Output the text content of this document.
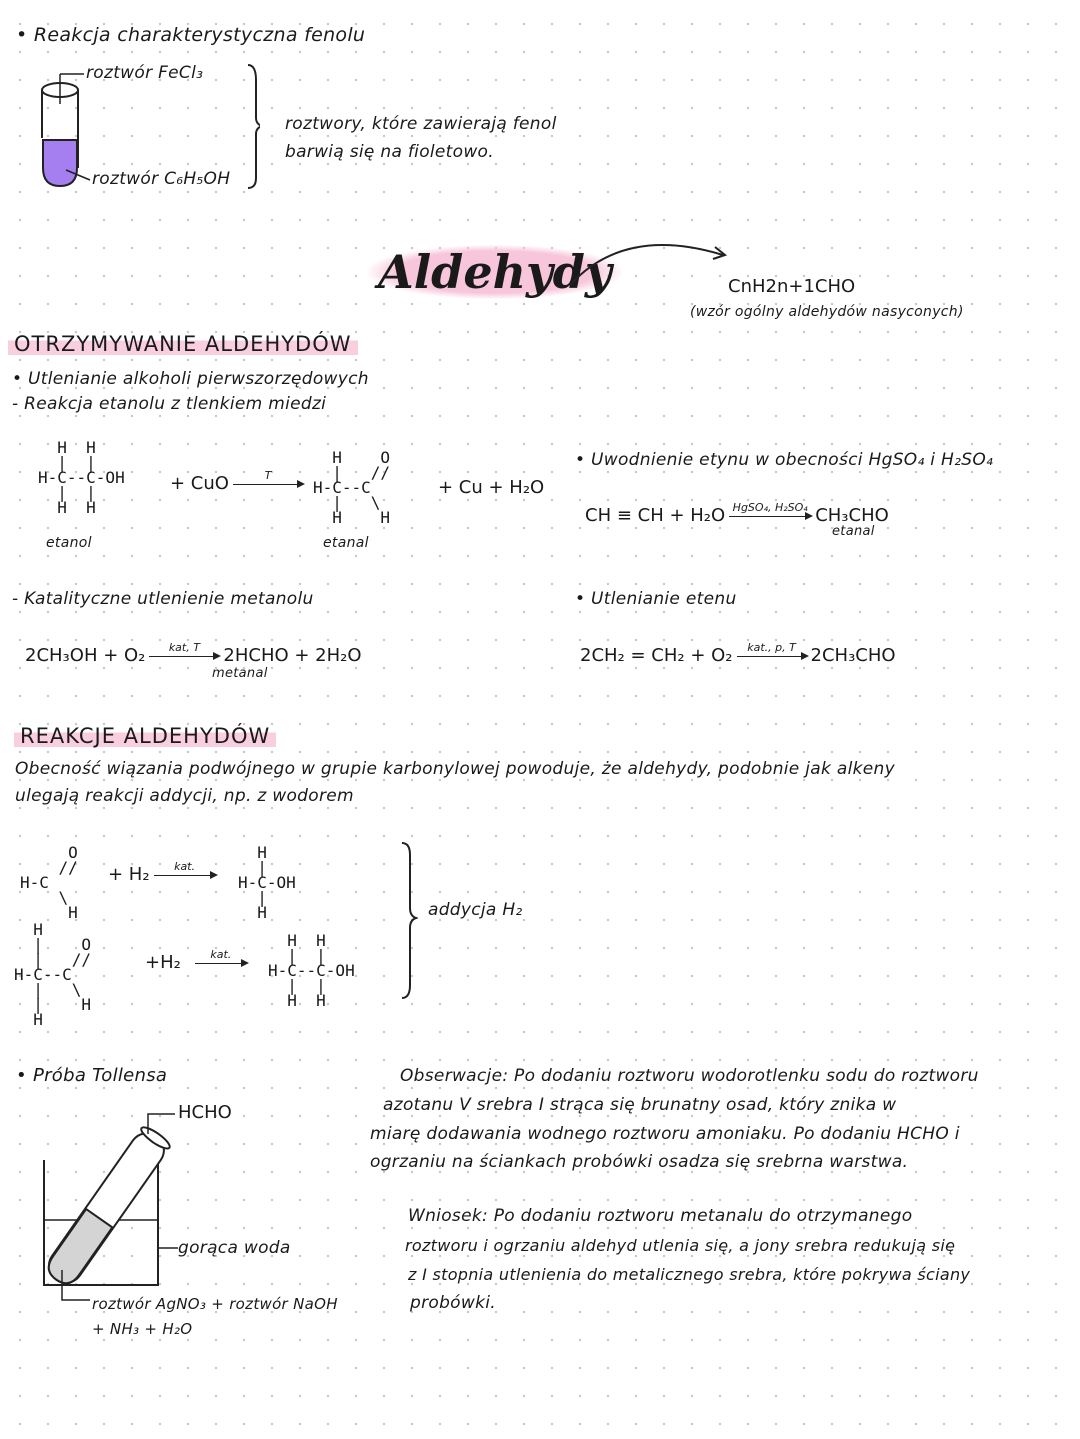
• Reakcja charakterystyczna fenolu
roztwór FeCl₃
roztwór C₆H₅OH
roztwory, które zawierają fenol
barwią się na fioletowo.
Aldehydy	CnH2n+1CHO
(wzór ogólny aldehydów nasyconych)
OTRZYMYWANIE ALDEHYDÓW
• Utlenianie alkoholi pierwszorzędowych
- Reakcja etanolu z tlenkiem miedzi
H  H
|  |
H-C--C-OH
|  |
H  H
+ CuO	T
H    O
|   //
H-C--C
|   \
H    H
+ Cu + H₂O
etanol	etanal
• Uwodnienie etynu w obecności HgSO₄ i H₂SO₄
CH ≡ CH + H₂O HgSO₄, H₂SO₄ CH₃CHO
etanal
- Katalityczne utlenienie metanolu
2CH₃OH + O₂	kat, T	2HCHO + 2H₂O
metanal
• Utlenianie etenu
2CH₂ = CH₂ + O₂	kat., p, T 2CH₃CHO
REAKCJE ALDEHYDÓW
Obecność wiązania podwójnego w grupie karbonylowej powoduje, że aldehydy, podobnie jak alkeny
ulegają reakcji addycji, np. z wodorem
O
//
H-C
\
H
+ H₂	kat.
H
|
H-C-OH
|
H
H
|    O
|   //
H-C--C
|   \
|    H
H
+H₂	kat.
H  H
|  |
H-C--C-OH
|  |
H  H
addycja H₂
• Próba Tollensa
HCHO
gorąca woda
roztwór AgNO₃ + roztwór NaOH
+ NH₃ + H₂O
Obserwacje: Po dodaniu roztworu wodorotlenku sodu do roztworu
azotanu V srebra I strąca się brunatny osad, który znika w
miarę dodawania wodnego roztworu amoniaku. Po dodaniu HCHO i
ogrzaniu na ściankach probówki osadza się srebrna warstwa.
Wniosek: Po dodaniu roztworu metanalu do otrzymanego
roztworu i ogrzaniu aldehyd utlenia się, a jony srebra redukują się
z I stopnia utlenienia do metalicznego srebra, które pokrywa ściany
probówki.
